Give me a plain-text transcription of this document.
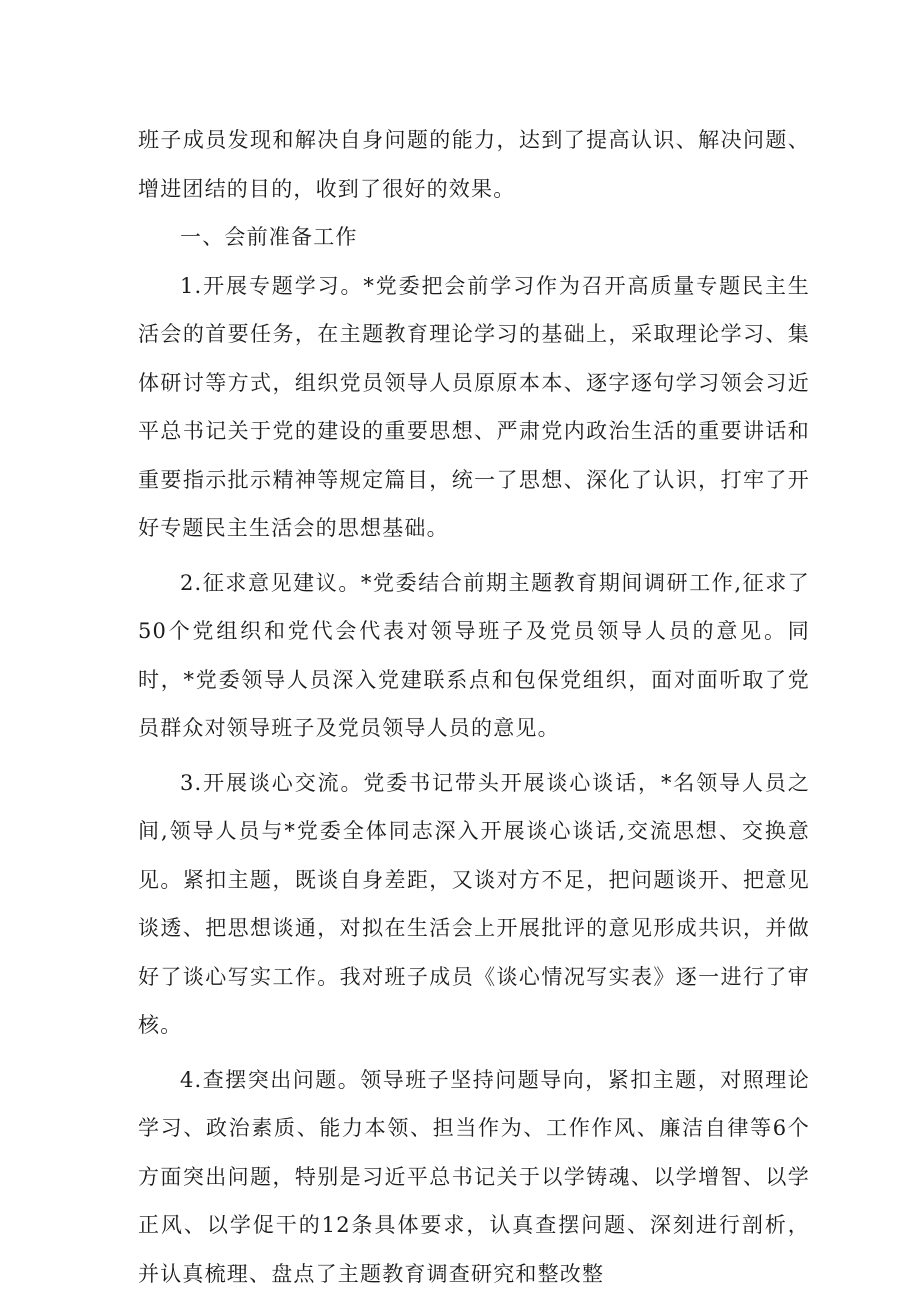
班子成员发现和解决自身问题的能力，达到了提高认识、解决问题、增进团结的目的，收到了很好的效果。

一、会前准备工作

1.开展专题学习。*党委把会前学习作为召开高质量专题民主生活会的首要任务，在主题教育理论学习的基础上，采取理论学习、集体研讨等方式，组织党员领导人员原原本本、逐字逐句学习领会习近平总书记关于党的建设的重要思想、严肃党内政治生活的重要讲话和重要指示批示精神等规定篇目，统一了思想、深化了认识，打牢了开好专题民主生活会的思想基础。

2.征求意见建议。*党委结合前期主题教育期间调研工作,征求了50个党组织和党代会代表对领导班子及党员领导人员的意见。同时，*党委领导人员深入党建联系点和包保党组织，面对面听取了党员群众对领导班子及党员领导人员的意见。

3.开展谈心交流。党委书记带头开展谈心谈话，*名领导人员之间,领导人员与*党委全体同志深入开展谈心谈话,交流思想、交换意见。紧扣主题，既谈自身差距，又谈对方不足，把问题谈开、把意见谈透、把思想谈通，对拟在生活会上开展批评的意见形成共识，并做好了谈心写实工作。我对班子成员《谈心情况写实表》逐一进行了审核。

4.查摆突出问题。领导班子坚持问题导向，紧扣主题，对照理论学习、政治素质、能力本领、担当作为、工作作风、廉洁自律等6个方面突出问题，特别是习近平总书记关于以学铸魂、以学增智、以学正风、以学促干的12条具体要求，认真查摆问题、深刻进行剖析，并认真梳理、盘点了主题教育调查研究和整改整
